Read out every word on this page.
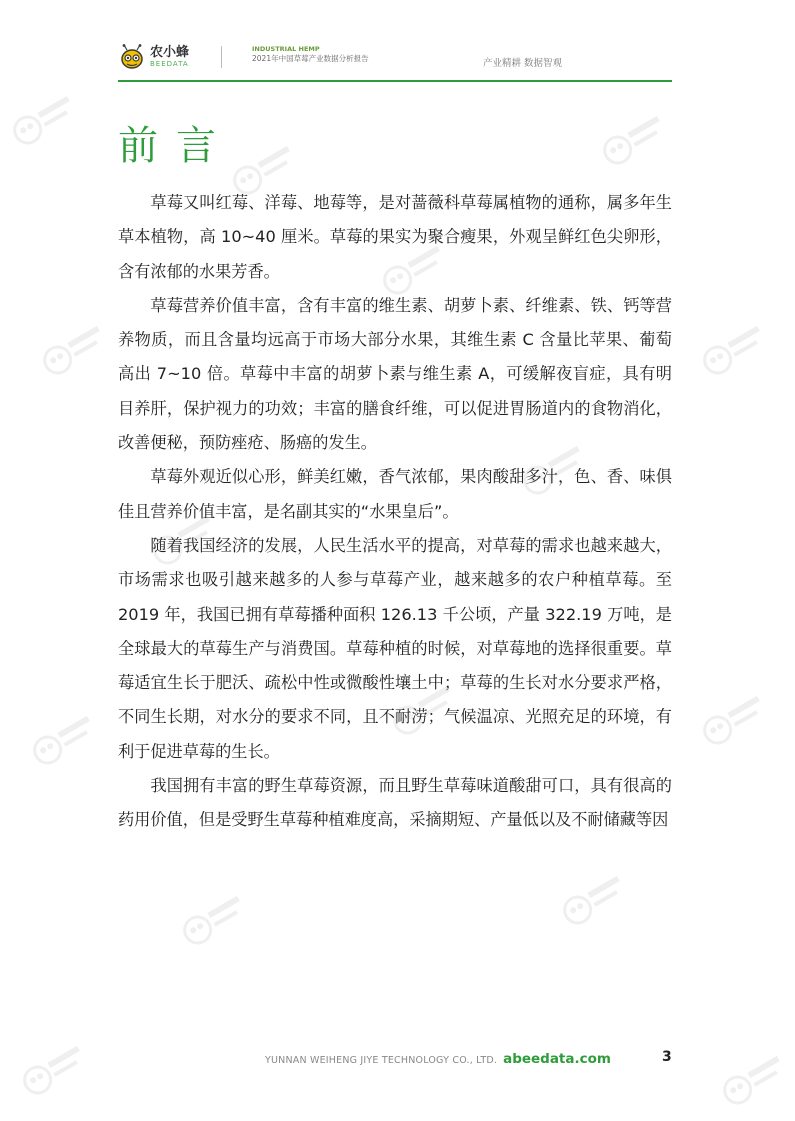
农小蜂
BEEDATA
INDUSTRIAL HEMP
2021年中国草莓产业数据分析报告	产业精耕 数据智观
前言

草莓又叫红莓、洋莓、地莓等，是对蔷薇科草莓属植物的通称，属多年生草本植物，高 10~40 厘米。草莓的果实为聚合瘦果，外观呈鲜红色尖卵形，含有浓郁的水果芳香。

草莓营养价值丰富，含有丰富的维生素、胡萝卜素、纤维素、铁、钙等营养物质，而且含量均远高于市场大部分水果，其维生素 C 含量比苹果、葡萄高出 7~10 倍。草莓中丰富的胡萝卜素与维生素 A，可缓解夜盲症，具有明目养肝，保护视力的功效；丰富的膳食纤维，可以促进胃肠道内的食物消化，改善便秘，预防痤疮、肠癌的发生。

草莓外观近似心形，鲜美红嫩，香气浓郁，果肉酸甜多汁，色、香、味俱佳且营养价值丰富，是名副其实的“水果皇后”。

随着我国经济的发展，人民生活水平的提高，对草莓的需求也越来越大，市场需求也吸引越来越多的人参与草莓产业，越来越多的农户种植草莓。至 2019 年，我国已拥有草莓播种面积 126.13 千公顷，产量 322.19 万吨，是全球最大的草莓生产与消费国。草莓种植的时候，对草莓地的选择很重要。草莓适宜生长于肥沃、疏松中性或微酸性壤土中；草莓的生长对水分要求严格，不同生长期，对水分的要求不同，且不耐涝；气候温凉、光照充足的环境，有利于促进草莓的生长。

我国拥有丰富的野生草莓资源，而且野生草莓味道酸甜可口，具有很高的药用价值，但是受野生草莓种植难度高，采摘期短、产量低以及不耐储藏等因

YUNNAN WEIHENG JIYE TECHNOLOGY CO., LTD. abeedata.com	3
